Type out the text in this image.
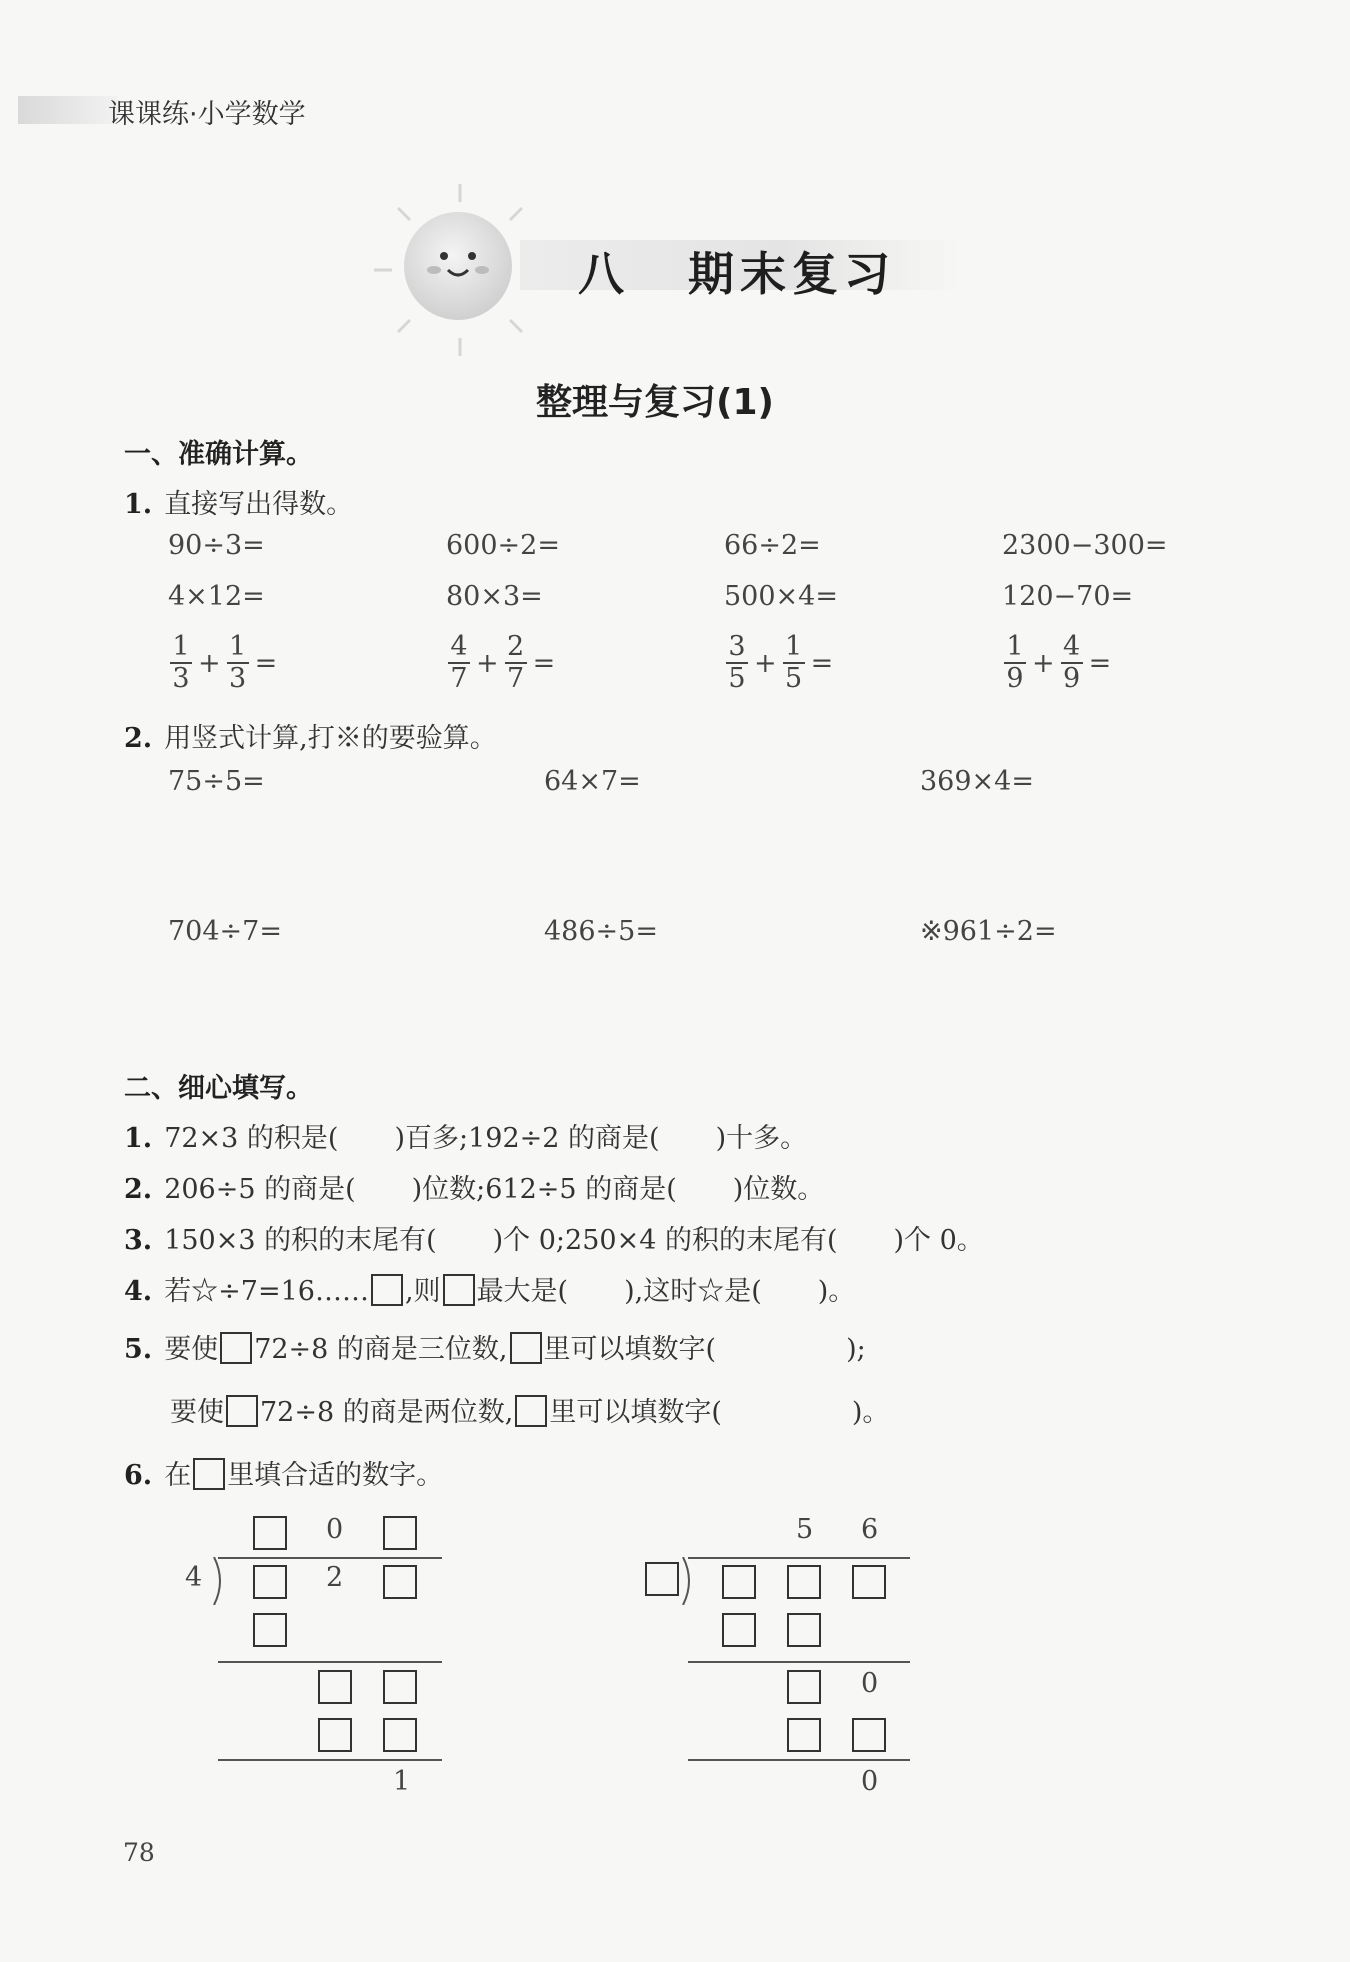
课课练·小学数学
八 期末复习
整理与复习(1)
一、准确计算。
1. 直接写出得数。
90÷3=	600÷2=	66÷2=	2300−300=
4×12=	80×3=	500×4=	120−70=
$\frac{1}{3} + \frac{1}{3}$ =	$\frac{4}{7} + \frac{2}{7}$ =	$\frac{3}{5} + \frac{1}{5}$ =	$\frac{1}{9} + \frac{4}{9}$ =
2. 用竖式计算,打※的要验算。
75÷5=	64×7=	369×4=
704÷7=	486÷5=	※961÷2=
二、细心填写。
1. 72×3 的积是( )百多;192÷2 的商是( )十多。
2. 206÷5 的商是( )位数;612÷5 的商是( )位数。
3. 150×3 的积的末尾有( )个 0;250×4 的积的末尾有( )个 0。
4. 若☆÷7=16…… ,则 最大是( ),这时☆是( )。
5. 要使 72÷8 的商是三位数, 里可以填数字(	);
要使 72÷8 的商是两位数, 里可以填数字(	)。
6. 在 里填合适的数字。
0
4	2
1
5 6
0
0
78
